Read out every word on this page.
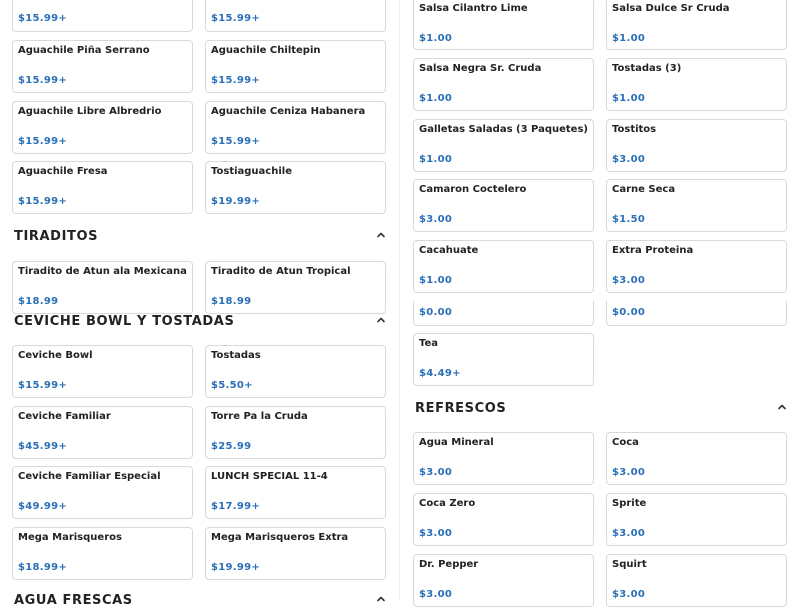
$15.99+	$15.99+
Aguachile Piña Serrano
$15.99+
Aguachile Chiltepin
$15.99+
Aguachile Libre Albredrio
$15.99+
Aguachile Ceniza Habanera
$15.99+
Aguachile Fresa
$15.99+
Tostiaguachile
$19.99+
TIRADITOS
Tiradito de Atun ala Mexicana
$18.99
Tiradito de Atun Tropical
$18.99
CEVICHE BOWL Y TOSTADAS
Ceviche Bowl
$15.99+
Tostadas
$5.50+
Ceviche Familiar
$45.99+
Torre Pa la Cruda
$25.99
Ceviche Familiar Especial
$49.99+
LUNCH SPECIAL 11-4
$17.99+
Mega Marisqueros
$18.99+
Mega Marisqueros Extra
$19.99+
AGUA FRESCAS
Salsa Cilantro Lime
$1.00
Salsa Dulce Sr Cruda
$1.00
Salsa Negra Sr. Cruda
$1.00
Tostadas (3)
$1.00
Galletas Saladas (3 Paquetes)
$1.00
Tostitos
$3.00
Camaron Coctelero
$3.00
Carne Seca
$1.50
Cacahuate
$1.00
Extra Proteina
$3.00
$0.00	$0.00
Tea
$4.49+
REFRESCOS
Agua Mineral
$3.00
Coca
$3.00
Coca Zero
$3.00
Sprite
$3.00
Dr. Pepper
$3.00
Squirt
$3.00
